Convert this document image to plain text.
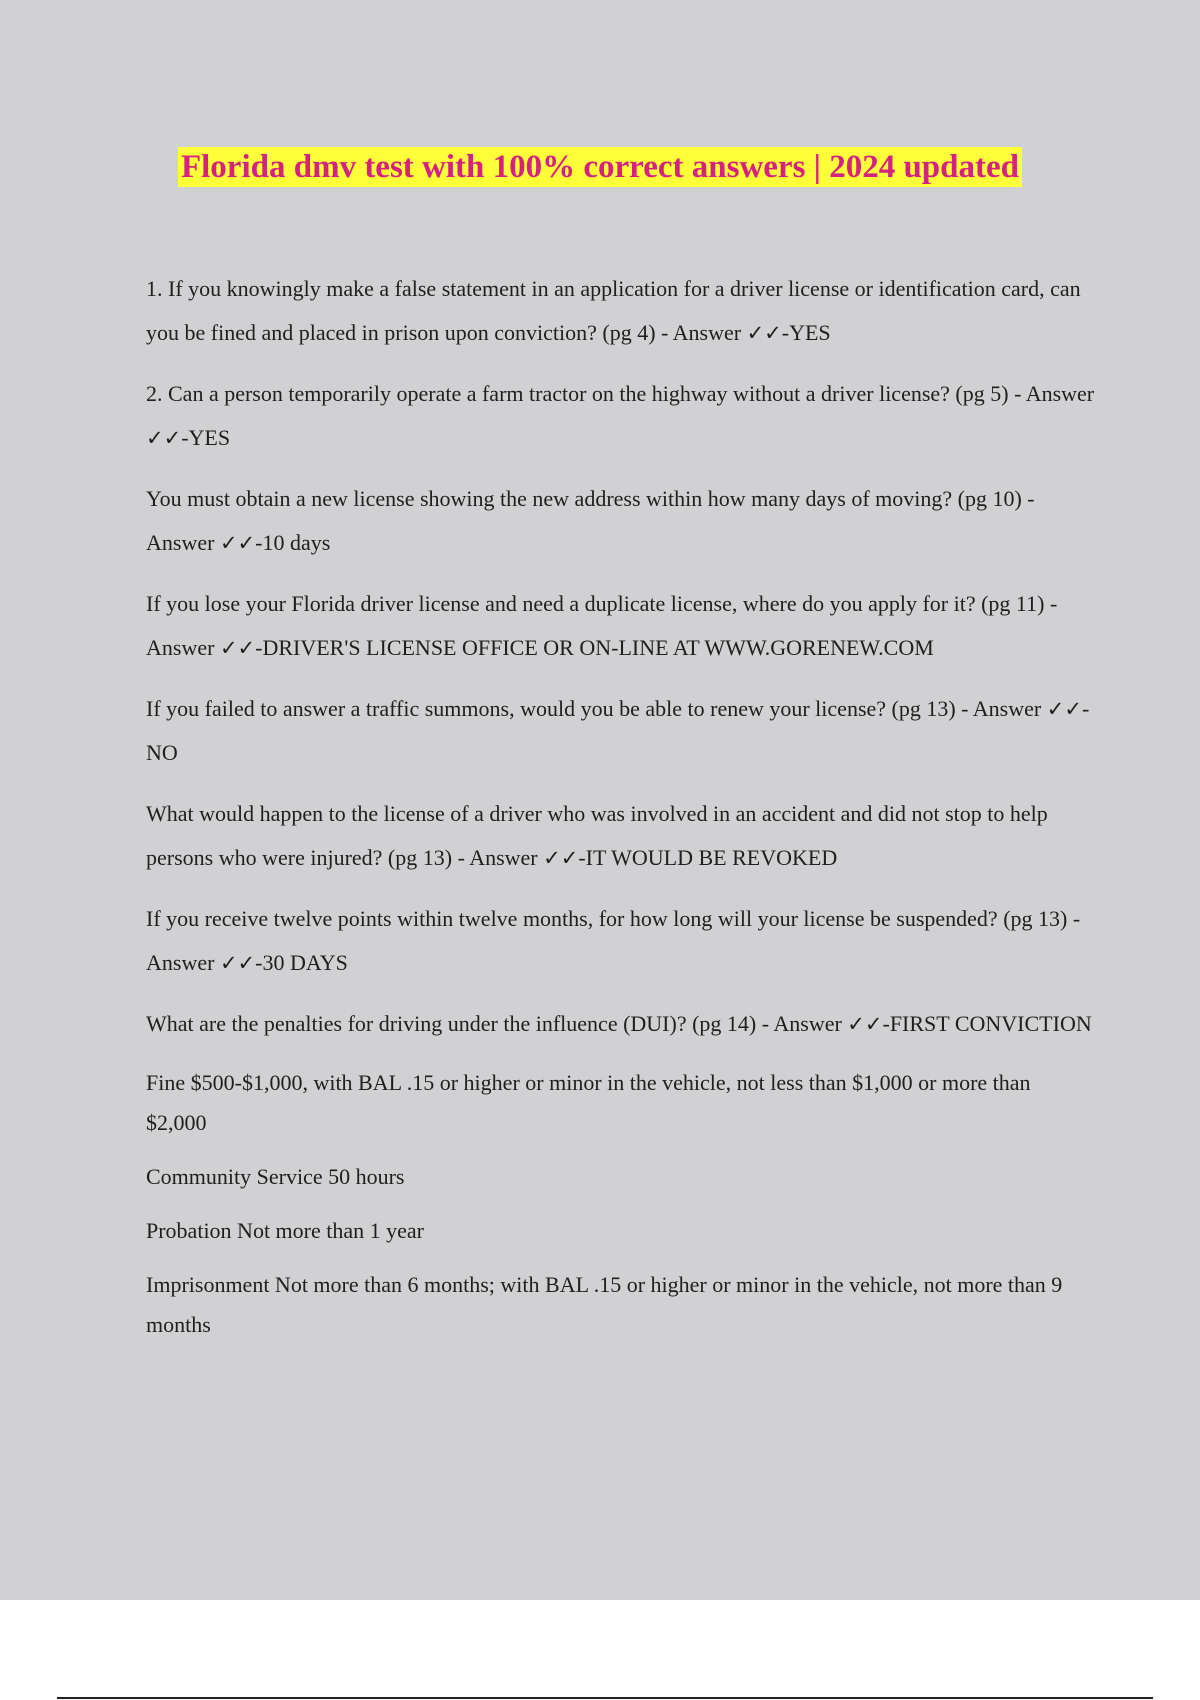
Florida dmv test with 100% correct answers | 2024 updated

1. If you knowingly make a false statement in an application for a driver license or identification card, can you be fined and placed in prison upon conviction? (pg 4) - Answer ✓✓-YES

2. Can a person temporarily operate a farm tractor on the highway without a driver license? (pg 5) - Answer ✓✓-YES

You must obtain a new license showing the new address within how many days of moving? (pg 10) - Answer ✓✓-10 days

If you lose your Florida driver license and need a duplicate license, where do you apply for it? (pg 11) - Answer ✓✓-DRIVER'S LICENSE OFFICE OR ON-LINE AT WWW.GORENEW.COM

If you failed to answer a traffic summons, would you be able to renew your license? (pg 13) - Answer ✓✓-NO

What would happen to the license of a driver who was involved in an accident and did not stop to help persons who were injured? (pg 13) - Answer ✓✓-IT WOULD BE REVOKED

If you receive twelve points within twelve months, for how long will your license be suspended? (pg 13) - Answer ✓✓-30 DAYS

What are the penalties for driving under the influence (DUI)? (pg 14) - Answer ✓✓-FIRST CONVICTION

Fine $500-$1,000, with BAL .15 or higher or minor in the vehicle, not less than $1,000 or more than $2,000

Community Service 50 hours

Probation Not more than 1 year

Imprisonment Not more than 6 months; with BAL .15 or higher or minor in the vehicle, not more than 9 months
